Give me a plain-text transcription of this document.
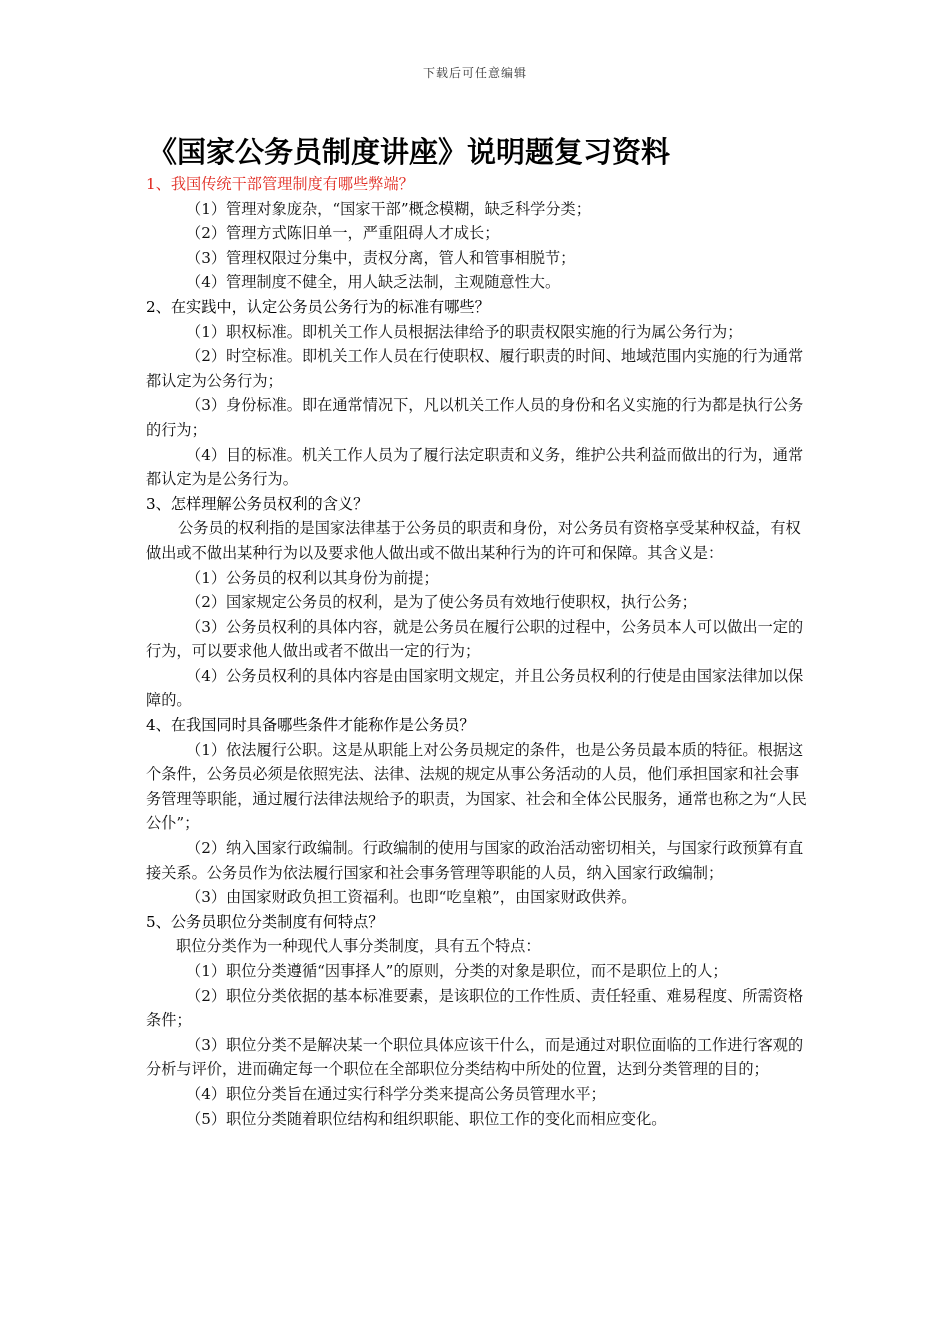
下载后可任意编辑
《国家公务员制度讲座》说明题复习资料

1、我国传统干部管理制度有哪些弊端？

（1）管理对象庞杂，“国家干部”概念模糊，缺乏科学分类；

（2）管理方式陈旧单一，严重阻碍人才成长；

（3）管理权限过分集中，责权分离，管人和管事相脱节；

（4）管理制度不健全，用人缺乏法制，主观随意性大。

2、在实践中，认定公务员公务行为的标准有哪些？

（1）职权标准。即机关工作人员根据法律给予的职责权限实施的行为属公务行为；

（2）时空标准。即机关工作人员在行使职权、履行职责的时间、地域范围内实施的行为通常都认定为公务行为；

（3）身份标准。即在通常情况下，凡以机关工作人员的身份和名义实施的行为都是执行公务的行为；

（4）目的标准。机关工作人员为了履行法定职责和义务，维护公共利益而做出的行为，通常都认定为是公务行为。

3、怎样理解公务员权利的含义？

公务员的权利指的是国家法律基于公务员的职责和身份，对公务员有资格享受某种权益，有权做出或不做出某种行为以及要求他人做出或不做出某种行为的许可和保障。其含义是：

（1）公务员的权利以其身份为前提；

（2）国家规定公务员的权利，是为了使公务员有效地行使职权，执行公务；

（3）公务员权利的具体内容，就是公务员在履行公职的过程中，公务员本人可以做出一定的行为，可以要求他人做出或者不做出一定的行为；

（4）公务员权利的具体内容是由国家明文规定，并且公务员权利的行使是由国家法律加以保障的。

4、在我国同时具备哪些条件才能称作是公务员？

（1）依法履行公职。这是从职能上对公务员规定的条件，也是公务员最本质的特征。根据这个条件，公务员必须是依照宪法、法律、法规的规定从事公务活动的人员，他们承担国家和社会事务管理等职能，通过履行法律法规给予的职责，为国家、社会和全体公民服务，通常也称之为“人民公仆”；

（2）纳入国家行政编制。行政编制的使用与国家的政治活动密切相关，与国家行政预算有直接关系。公务员作为依法履行国家和社会事务管理等职能的人员，纳入国家行政编制；

（3）由国家财政负担工资福利。也即“吃皇粮”，由国家财政供养。

5、公务员职位分类制度有何特点？

职位分类作为一种现代人事分类制度，具有五个特点：

（1）职位分类遵循“因事择人”的原则，分类的对象是职位，而不是职位上的人；

（2）职位分类依据的基本标准要素，是该职位的工作性质、责任轻重、难易程度、所需资格条件；

（3）职位分类不是解决某一个职位具体应该干什么，而是通过对职位面临的工作进行客观的分析与评价，进而确定每一个职位在全部职位分类结构中所处的位置，达到分类管理的目的；

（4）职位分类旨在通过实行科学分类来提高公务员管理水平；

（5）职位分类随着职位结构和组织职能、职位工作的变化而相应变化。
